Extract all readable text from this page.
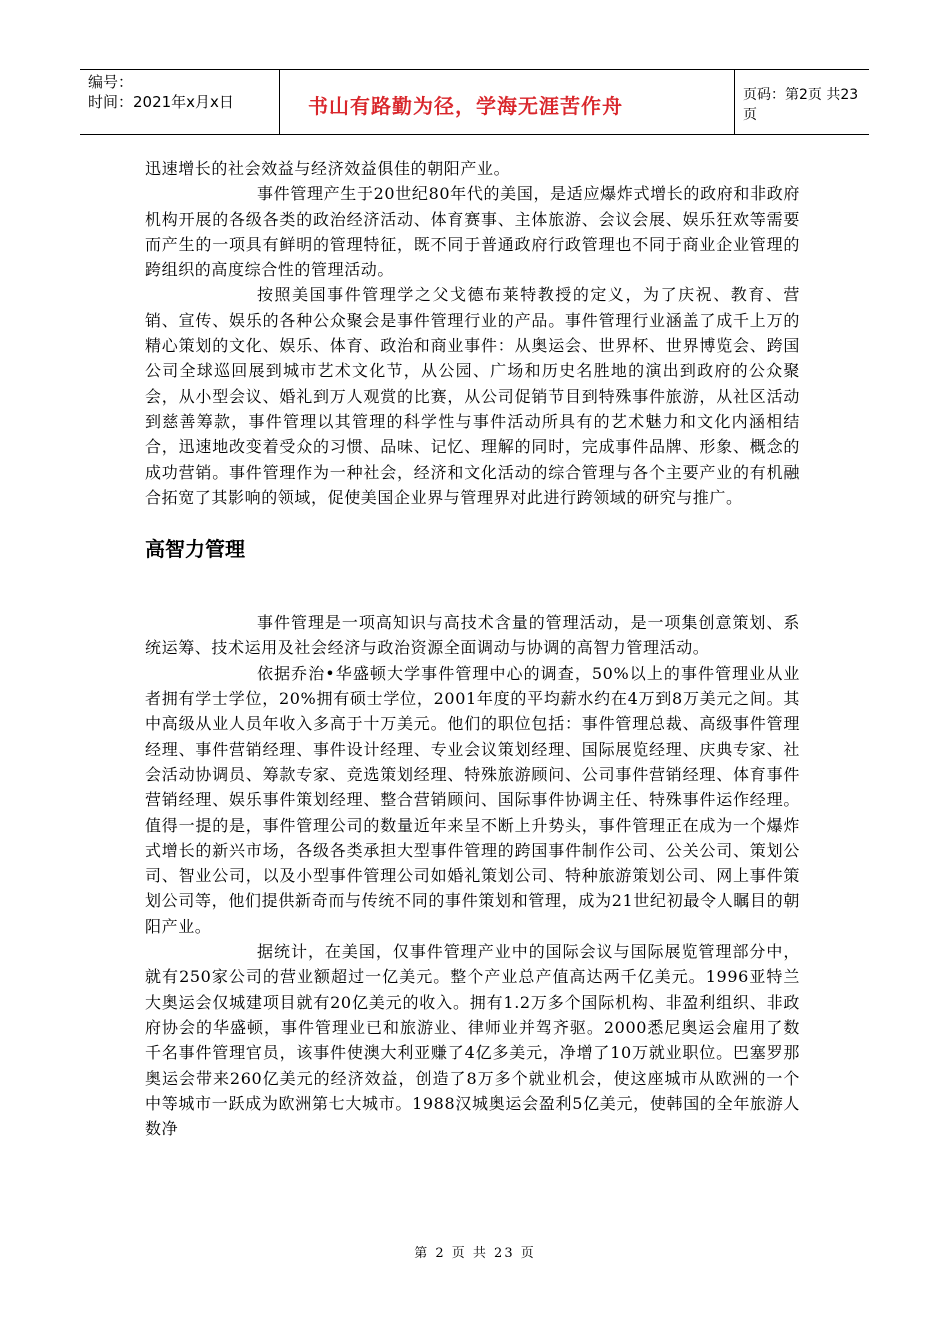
编号：
时间：2021年x月x日	书山有路勤为径，学海无涯苦作舟	页码：第2页 共23页

迅速增长的社会效益与经济效益俱佳的朝阳产业。

事件管理产生于20世纪80年代的美国，是适应爆炸式增长的政府和非政府机构开展的各级各类的政治经济活动、体育赛事、主体旅游、会议会展、娱乐狂欢等需要而产生的一项具有鲜明的管理特征，既不同于普通政府行政管理也不同于商业企业管理的跨组织的高度综合性的管理活动。

按照美国事件管理学之父戈德布莱特教授的定义，为了庆祝、教育、营销、宣传、娱乐的各种公众聚会是事件管理行业的产品。事件管理行业涵盖了成千上万的精心策划的文化、娱乐、体育、政治和商业事件：从奥运会、世界杯、世界博览会、跨国公司全球巡回展到城市艺术文化节，从公园、广场和历史名胜地的演出到政府的公众聚会，从小型会议、婚礼到万人观赏的比赛，从公司促销节目到特殊事件旅游，从社区活动到慈善筹款，事件管理以其管理的科学性与事件活动所具有的艺术魅力和文化内涵相结合，迅速地改变着受众的习惯、品味、记忆、理解的同时，完成事件品牌、形象、概念的成功营销。事件管理作为一种社会，经济和文化活动的综合管理与各个主要产业的有机融合拓宽了其影响的领域，促使美国企业界与管理界对此进行跨领域的研究与推广。

高智力管理

事件管理是一项高知识与高技术含量的管理活动，是一项集创意策划、系统运筹、技术运用及社会经济与政治资源全面调动与协调的高智力管理活动。

依据乔治•华盛顿大学事件管理中心的调查，50%以上的事件管理业从业者拥有学士学位，20%拥有硕士学位，2001年度的平均薪水约在4万到8万美元之间。其中高级从业人员年收入多高于十万美元。他们的职位包括：事件管理总裁、高级事件管理经理、事件营销经理、事件设计经理、专业会议策划经理、国际展览经理、庆典专家、社会活动协调员、筹款专家、竞选策划经理、特殊旅游顾问、公司事件营销经理、体育事件营销经理、娱乐事件策划经理、整合营销顾问、国际事件协调主任、特殊事件运作经理。值得一提的是，事件管理公司的数量近年来呈不断上升势头，事件管理正在成为一个爆炸式增长的新兴市场，各级各类承担大型事件管理的跨国事件制作公司、公关公司、策划公司、智业公司，以及小型事件管理公司如婚礼策划公司、特种旅游策划公司、网上事件策划公司等，他们提供新奇而与传统不同的事件策划和管理，成为21世纪初最令人瞩目的朝阳产业。

据统计，在美国，仅事件管理产业中的国际会议与国际展览管理部分中，就有250家公司的营业额超过一亿美元。整个产业总产值高达两千亿美元。1996亚特兰大奥运会仅城建项目就有20亿美元的收入。拥有1.2万多个国际机构、非盈利组织、非政府协会的华盛顿，事件管理业已和旅游业、律师业并驾齐驱。2000悉尼奥运会雇用了数千名事件管理官员，该事件使澳大利亚赚了4亿多美元，净增了10万就业职位。巴塞罗那奥运会带来260亿美元的经济效益，创造了8万多个就业机会，使这座城市从欧洲的一个中等城市一跃成为欧洲第七大城市。1988汉城奥运会盈利5亿美元，使韩国的全年旅游人数净

第 2 页 共 23 页
